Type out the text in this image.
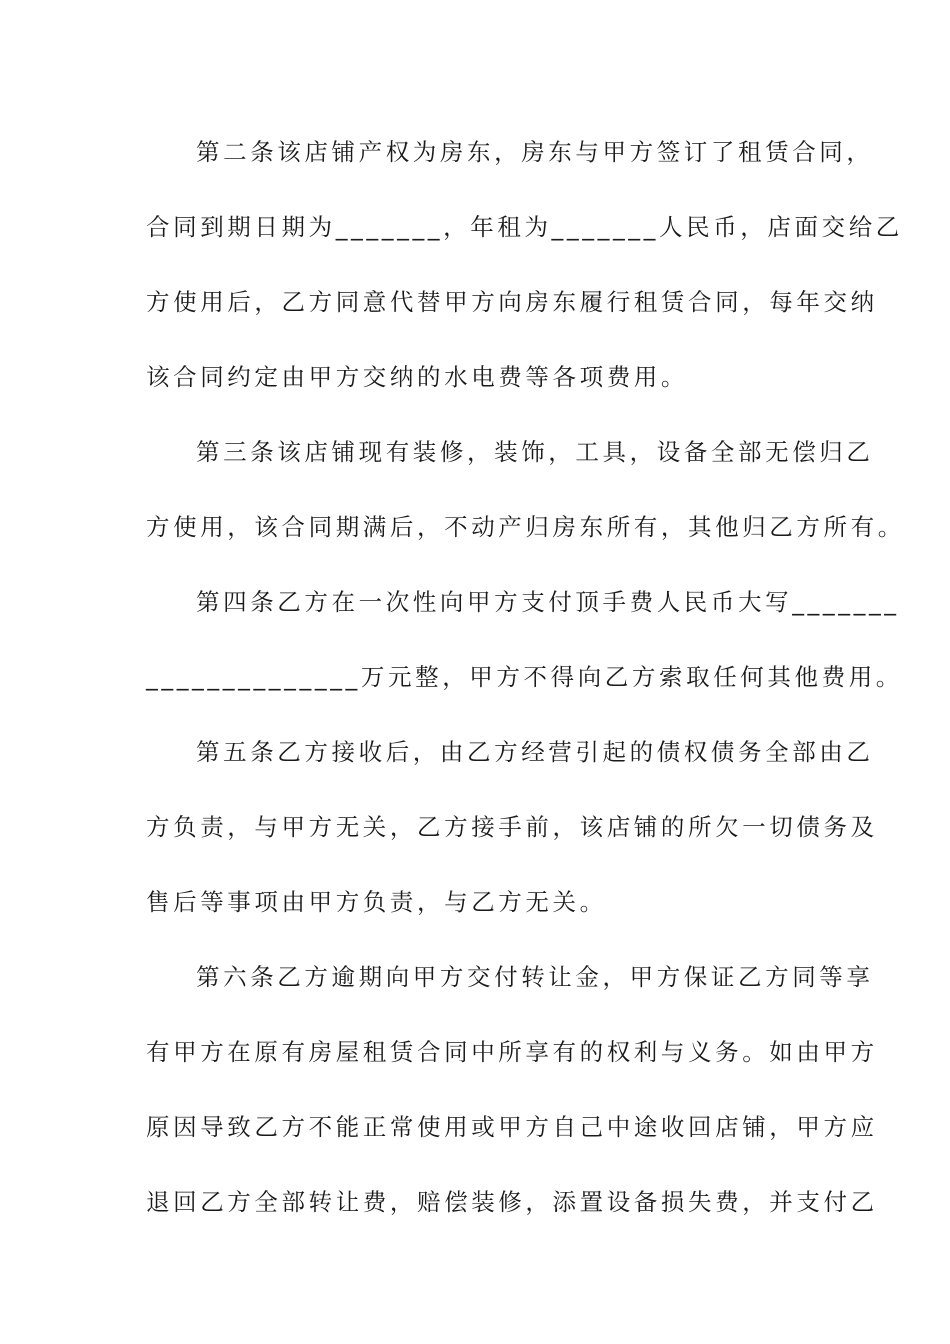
第二条该店铺产权为房东，房东与甲方签订了租赁合同，
合同到期日期为_______，年租为_______人民币，店面交给乙
方使用后，乙方同意代替甲方向房东履行租赁合同，每年交纳
该合同约定由甲方交纳的水电费等各项费用。
第三条该店铺现有装修，装饰，工具，设备全部无偿归乙
方使用，该合同期满后，不动产归房东所有，其他归乙方所有。
第四条乙方在一次性向甲方支付顶手费人民币大写_______
______________万元整，甲方不得向乙方索取任何其他费用。
第五条乙方接收后，由乙方经营引起的债权债务全部由乙
方负责，与甲方无关，乙方接手前，该店铺的所欠一切债务及
售后等事项由甲方负责，与乙方无关。
第六条乙方逾期向甲方交付转让金，甲方保证乙方同等享
有甲方在原有房屋租赁合同中所享有的权利与义务。如由甲方
原因导致乙方不能正常使用或甲方自己中途收回店铺，甲方应
退回乙方全部转让费，赔偿装修，添置设备损失费，并支付乙
